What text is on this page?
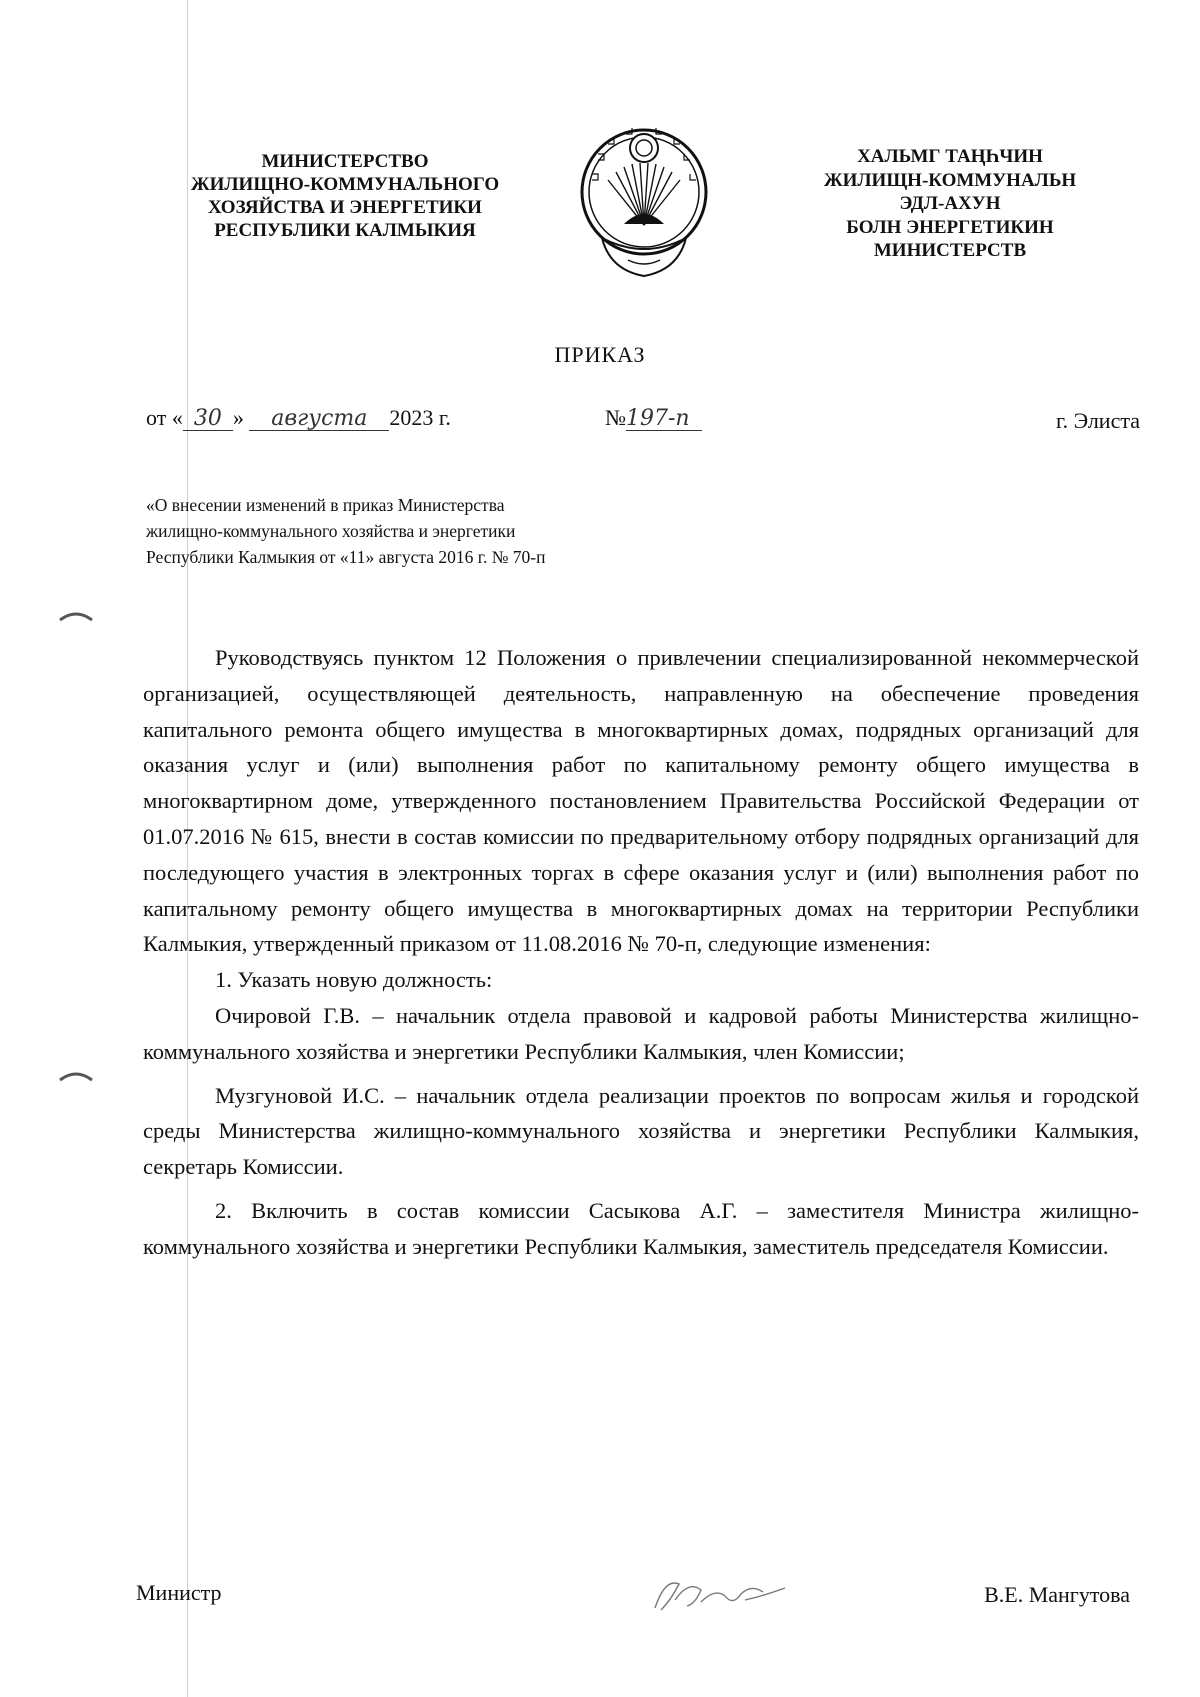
МИНИСТЕРСТВО
ЖИЛИЩНО-КОММУНАЛЬНОГО
ХОЗЯЙСТВА И ЭНЕРГЕТИКИ
РЕСПУБЛИКИ КАЛМЫКИЯ
ХАЛЬМГ ТАҢҺЧИН
ЖИЛИЩН-КОММУНАЛЬН
ЭДЛ-АХУН
БОЛН ЭНЕРГЕТИКИН
МИНИСТЕРСТВ
ПРИКАЗ
от « 30 » августа 2023 г.	№197-п	г. Элиста
«О внесении изменений в приказ Министерства жилищно-коммунального хозяйства и энергетики Республики Калмыкия от «11» августа 2016 г. № 70-п

Руководствуясь пунктом 12 Положения о привлечении специализированной некоммерческой организацией, осуществляющей деятельность, направленную на обеспечение проведения капитального ремонта общего имущества в многоквартирных домах, подрядных организаций для оказания услуг и (или) выполнения работ по капитальному ремонту общего имущества в многоквартирном доме, утвержденного постановлением Правительства Российской Федерации от 01.07.2016 № 615, внести в состав комиссии по предварительному отбору подрядных организаций для последующего участия в электронных торгах в сфере оказания услуг и (или) выполнения работ по капитальному ремонту общего имущества в многоквартирных домах на территории Республики Калмыкия, утвержденный приказом от 11.08.2016 № 70-п, следующие изменения:

1. Указать новую должность:

Очировой Г.В. – начальник отдела правовой и кадровой работы Министерства жилищно-коммунального хозяйства и энергетики Республики Калмыкия, член Комиссии;

Музгуновой И.С. – начальник отдела реализации проектов по вопросам жилья и городской среды Министерства жилищно-коммунального хозяйства и энергетики Республики Калмыкия, секретарь Комиссии.

2. Включить в состав комиссии Сасыкова А.Г. – заместителя Министра жилищно-коммунального хозяйства и энергетики Республики Калмыкия, заместитель председателя Комиссии.

Министр	В.Е. Мангутова
